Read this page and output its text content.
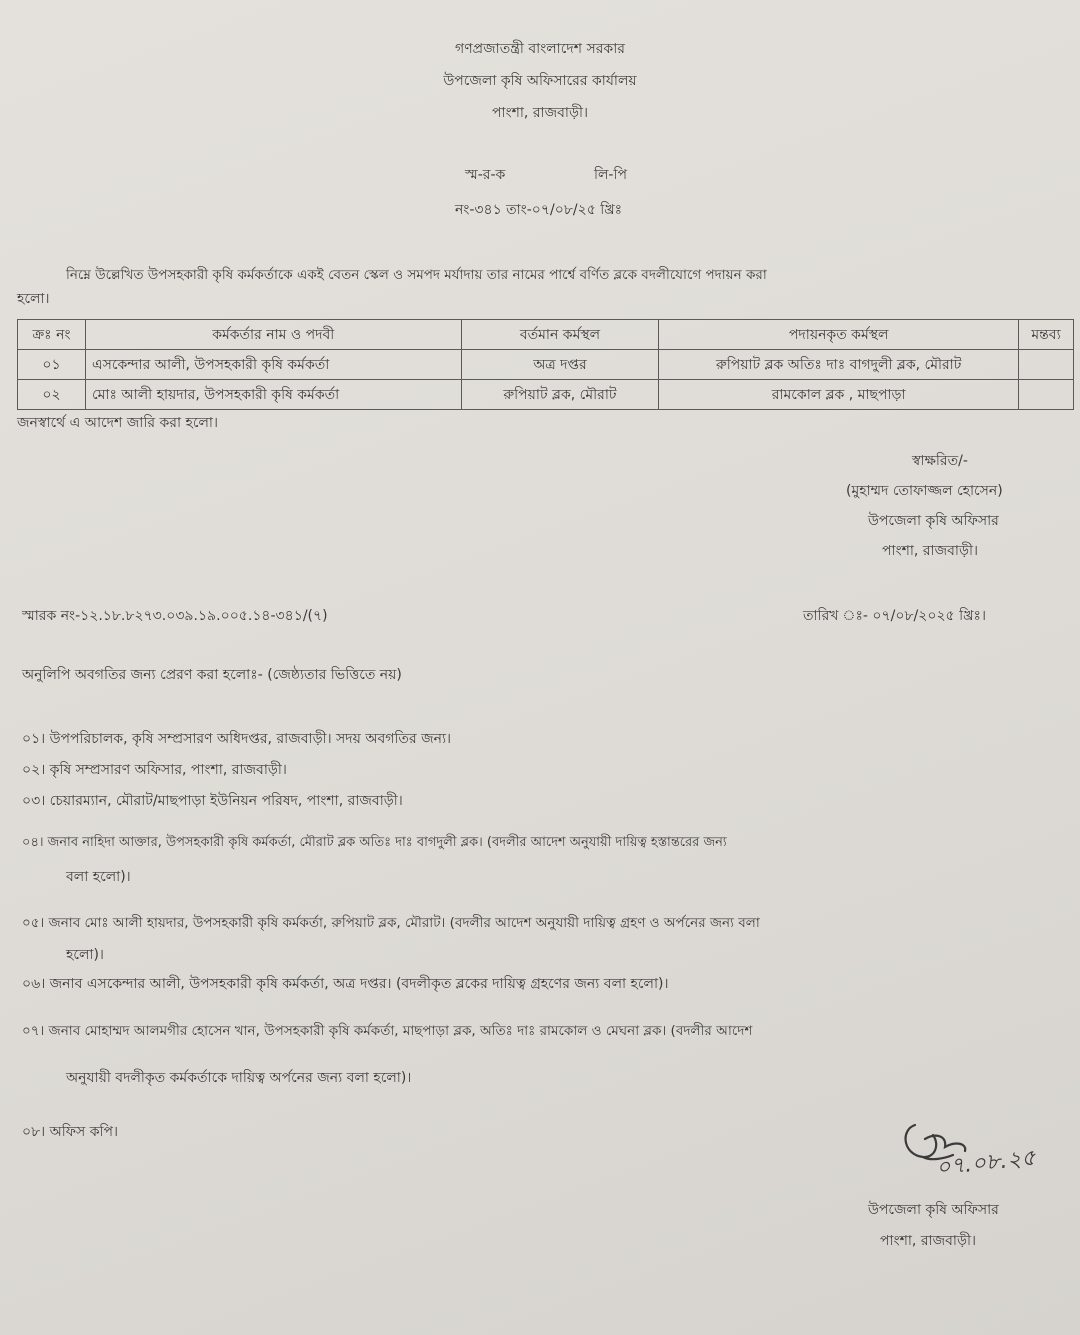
গণপ্রজাতন্ত্রী বাংলাদেশ সরকার
উপজেলা কৃষি অফিসারের কার্যালয়
পাংশা, রাজবাড়ী।
স্ম-র-ক	লি-পি
নং-৩৪১ তাং-০৭/০৮/২৫ খ্রিঃ
নিম্নে উল্লেখিত উপসহকারী কৃষি কর্মকর্তাকে একই বেতন স্কেল ও সমপদ মর্যাদায় তার নামের পার্শ্বে বর্ণিত ব্লকে বদলীযোগে পদায়ন করা
হলো।
ক্রঃ নং	কর্মকর্তার নাম ও পদবী	বর্তমান কর্মস্থল	পদায়নকৃত কর্মস্থল	মন্তব্য
০১	এসকেন্দার আলী, উপসহকারী কৃষি কর্মকর্তা	অত্র দপ্তর	রুপিয়াট ব্লক অতিঃ দাঃ বাগদুলী ব্লক, মৌরাট	
০২	মোঃ আলী হায়দার, উপসহকারী কৃষি কর্মকর্তা	রুপিয়াট ব্লক, মৌরাট	রামকোল ব্লক , মাছপাড়া	
জনস্বার্থে এ আদেশ জারি করা হলো।
স্বাক্ষরিত/-
(মুহাম্মদ তোফাজ্জল হোসেন)
উপজেলা কৃষি অফিসার
পাংশা, রাজবাড়ী।
স্মারক নং-১২.১৮.৮২৭৩.০৩৯.১৯.০০৫.১৪-৩৪১/(৭)	তারিখ ঃ- ০৭/০৮/২০২৫ খ্রিঃ।
অনুলিপি অবগতির জন্য প্রেরণ করা হলোঃ- (জেষ্ঠ্যতার ভিত্তিতে নয়)
০১। উপপরিচালক, কৃষি সম্প্রসারণ অধিদপ্তর, রাজবাড়ী। সদয় অবগতির জন্য।
০২। কৃষি সম্প্রসারণ অফিসার, পাংশা, রাজবাড়ী।
০৩। চেয়ারম্যান, মৌরাট/মাছপাড়া ইউনিয়ন পরিষদ, পাংশা, রাজবাড়ী।
০৪। জনাব নাহিদা আক্তার, উপসহকারী কৃষি কর্মকর্তা, মৌরাট ব্লক অতিঃ দাঃ বাগদুলী ব্লক। (বদলীর আদেশ অনুযায়ী দায়িত্ব হস্তান্তরের জন্য
বলা হলো)।
০৫। জনাব মোঃ আলী হায়দার, উপসহকারী কৃষি কর্মকর্তা, রুপিয়াট ব্লক, মৌরাট। (বদলীর আদেশ অনুযায়ী দায়িত্ব গ্রহণ ও অর্পনের জন্য বলা
হলো)।
০৬। জনাব এসকেন্দার আলী, উপসহকারী কৃষি কর্মকর্তা, অত্র দপ্তর। (বদলীকৃত ব্লকের দায়িত্ব গ্রহণের জন্য বলা হলো)।
০৭। জনাব মোহাম্মদ আলমগীর হোসেন খান, উপসহকারী কৃষি কর্মকর্তা, মাছপাড়া ব্লক, অতিঃ দাঃ রামকোল ও মেঘনা ব্লক। (বদলীর আদেশ
অনুযায়ী বদলীকৃত কর্মকর্তাকে দায়িত্ব অর্পনের জন্য বলা হলো)।
০৮। অফিস কপি।
০৭.০৮.২৫
উপজেলা কৃষি অফিসার
পাংশা, রাজবাড়ী।
